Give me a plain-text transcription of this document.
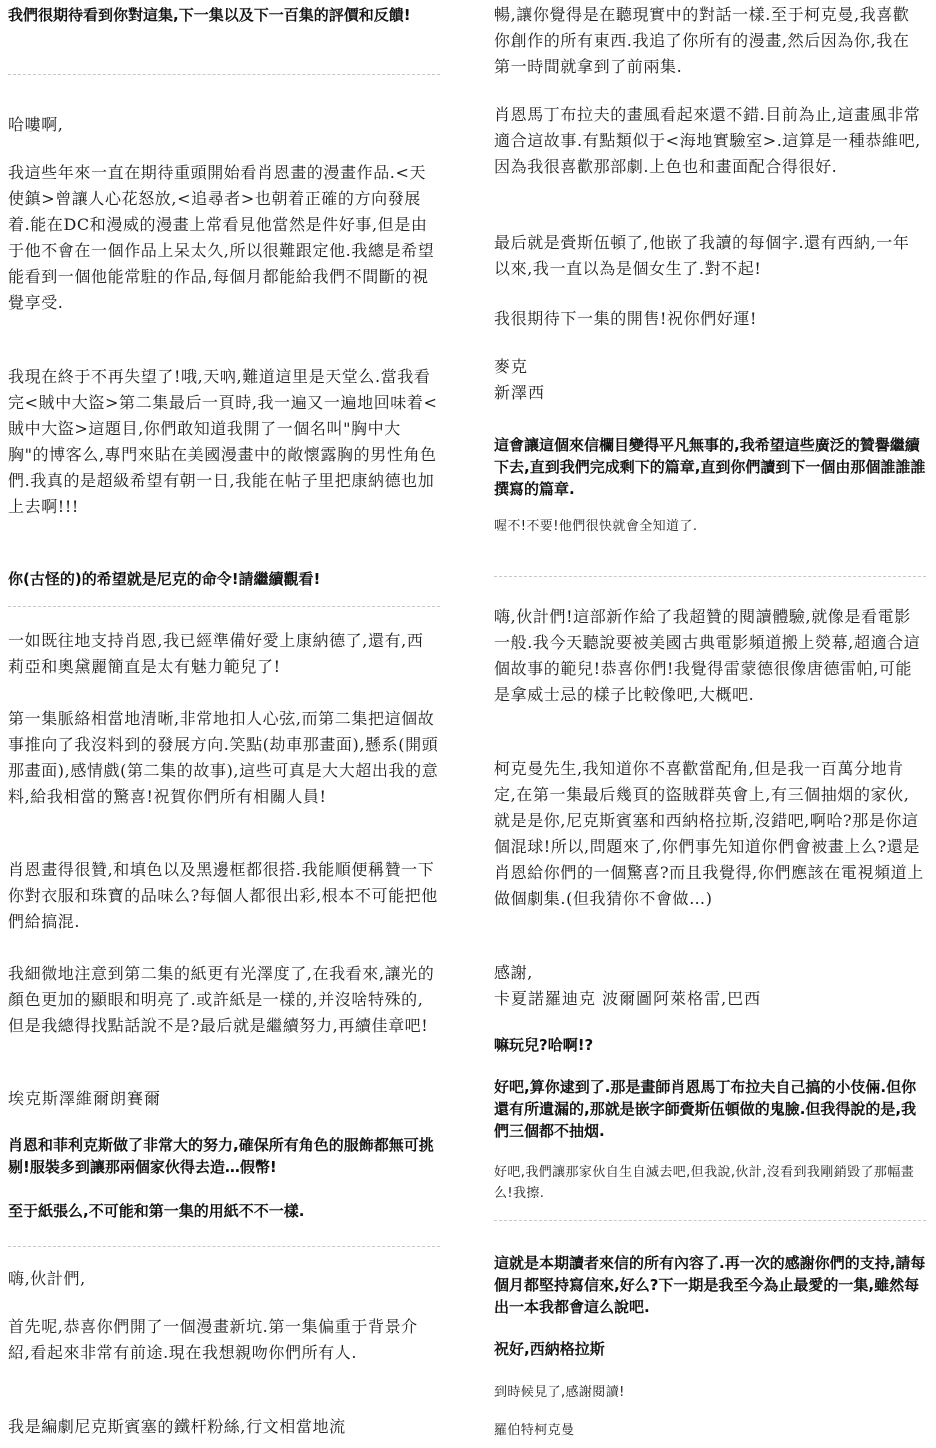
我們很期待看到你對這集,下一集以及下一百集的評價和反饋!

哈嘍啊,

我這些年來一直在期待重頭開始看肖恩畫的漫畫作品.<天使鎮>曾讓人心花怒放,<追尋者>也朝着正確的方向發展着.能在DC和漫威的漫畫上常看見他當然是件好事,但是由于他不會在一個作品上呆太久,所以很難跟定他.我總是希望能看到一個他能常駐的作品,每個月都能給我們不間斷的視覺享受.

我現在終于不再失望了!哦,天吶,難道這里是天堂么.當我看完<賊中大盜>第二集最后一頁時,我一遍又一遍地回味着<賊中大盜>這題目,你們敢知道我開了一個名叫"胸中大胸"的博客么,專門來貼在美國漫畫中的敞懷露胸的男性角色們.我真的是超級希望有朝一日,我能在帖子里把康納德也加上去啊!!!

你(古怪的)的希望就是尼克的命令!請繼續觀看!

一如既往地支持肖恩,我已經準備好愛上康納德了,還有,西莉亞和奧黛麗簡直是太有魅力範兒了!

第一集脈絡相當地清晰,非常地扣人心弦,而第二集把這個故事推向了我沒料到的發展方向.笑點(劫車那畫面),懸系(開頭那畫面),感情戲(第二集的故事),這些可真是大大超出我的意料,給我相當的驚喜!祝賀你們所有相關人員!

肖恩畫得很贊,和填色以及黑邊框都很搭.我能順便稱贊一下你對衣服和珠寶的品味么?每個人都很出彩,根本不可能把他們給搞混.

我細微地注意到第二集的紙更有光澤度了,在我看來,讓光的顏色更加的顯眼和明亮了.或許紙是一樣的,并沒啥特殊的,但是我總得找點話說不是?最后就是繼續努力,再續佳章吧!

埃克斯澤維爾朗賽爾

肖恩和菲利克斯做了非常大的努力,確保所有角色的服飾都無可挑剔!服裝多到讓那兩個家伙得去造…假幣!

至于紙張么,不可能和第一集的用紙不不一樣.

嗨,伙計們,

首先呢,恭喜你們開了一個漫畫新坑.第一集偏重于背景介紹,看起來非常有前途.現在我想親吻你們所有人.

我是編劇尼克斯賓塞的鐵杆粉絲,行文相當地流

暢,讓你覺得是在聽現實中的對話一樣.至于柯克曼,我喜歡你創作的所有東西.我追了你所有的漫畫,然后因為你,我在第一時間就拿到了前兩集.

肖恩馬丁布拉夫的畫風看起來還不錯.目前為止,這畫風非常適合這故事.有點類似于<海地實驗室>.這算是一種恭維吧,因為我很喜歡那部劇.上色也和畫面配合得很好.

最后就是賫斯伍頓了,他嵌了我讀的每個字.還有西納,一年以來,我一直以為是個女生了.對不起!

我很期待下一集的開售!祝你們好運!

麥克

新澤西

這會讓這個來信欄目變得平凡無事的,我希望這些廣泛的贊譽繼續下去,直到我們完成剩下的篇章,直到你們讀到下一個由那個誰誰誰撰寫的篇章.

喔不!不要!他們很快就會全知道了.

嗨,伙計們!這部新作給了我超贊的閱讀體驗,就像是看電影一般.我今天聽說要被美國古典電影頻道搬上熒幕,超適合這個故事的範兒!恭喜你們!我覺得雷蒙德很像唐德雷帕,可能是拿威士忌的樣子比較像吧,大概吧.

柯克曼先生,我知道你不喜歡當配角,但是我一百萬分地肯定,在第一集最后幾頁的盜賊群英會上,有三個抽烟的家伙,就是是你,尼克斯賓塞和西納格拉斯,沒錯吧,啊哈?那是你這個混球!所以,問題來了,你們事先知道你們會被畫上么?還是肖恩給你們的一個驚喜?而且我覺得,你們應該在電視頻道上做個劇集.(但我猜你不會做…)

感謝,

卡夏諾羅迪克 波爾圖阿萊格雷,巴西

嘛玩兒?哈啊!?

好吧,算你逮到了.那是畫師肖恩馬丁布拉夫自己搞的小伎倆.但你還有所遺漏的,那就是嵌字師賫斯伍頓做的鬼臉.但我得說的是,我們三個都不抽烟.

好吧,我們讓那家伙自生自滅去吧,但我說,伙計,沒看到我剛銷毀了那幅畫么!我擦.

這就是本期讀者來信的所有內容了.再一次的感謝你們的支持,請每個月都堅持寫信來,好么?下一期是我至今為止最愛的一集,雖然每出一本我都會這么說吧.

祝好,西納格拉斯

到時候見了,感謝閱讀!

羅伯特柯克曼
